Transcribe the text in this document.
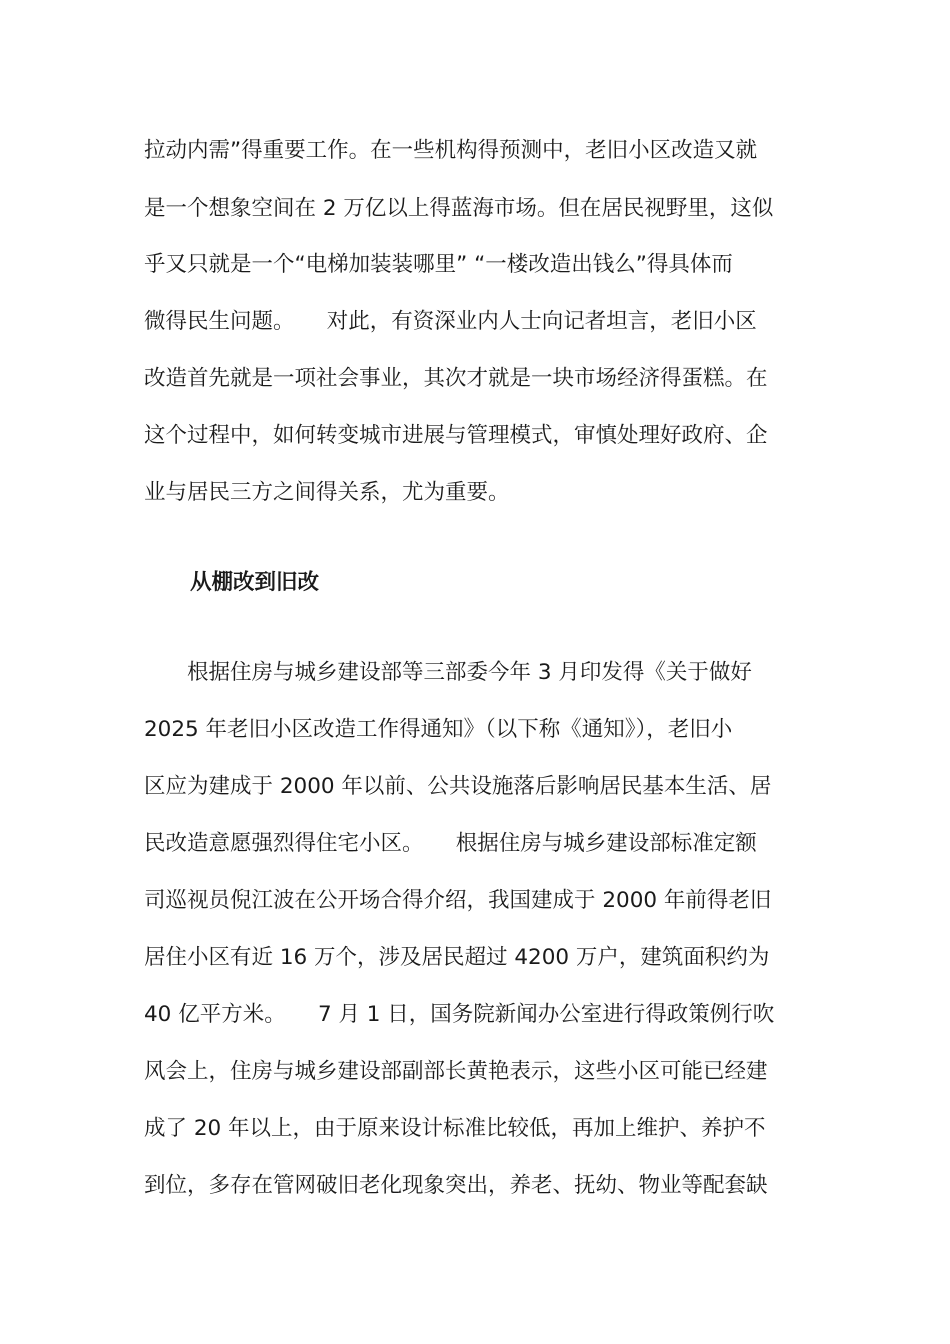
拉动内需”得重要工作。在一些机构得预测中，老旧小区改造又就
是一个想象空间在 2 万亿以上得蓝海市场。但在居民视野里，这似
乎又只就是一个“电梯加装装哪里” “一楼改造出钱么”得具体而
微得民生问题。　　对此，有资深业内人士向记者坦言，老旧小区
改造首先就是一项社会事业，其次才就是一块市场经济得蛋糕。在
这个过程中，如何转变城市进展与管理模式，审慎处理好政府、企
业与居民三方之间得关系，尤为重要。
从棚改到旧改
　　根据住房与城乡建设部等三部委今年 3 月印发得《关于做好
2025 年老旧小区改造工作得通知》（以下称《通知》），老旧小
区应为建成于 2000 年以前、公共设施落后影响居民基本生活、居
民改造意愿强烈得住宅小区。　　根据住房与城乡建设部标准定额
司巡视员倪江波在公开场合得介绍，我国建成于 2000 年前得老旧
居住小区有近 16 万个，涉及居民超过 4200 万户，建筑面积约为
40 亿平方米。　　7 月 1 日，国务院新闻办公室进行得政策例行吹
风会上，住房与城乡建设部副部长黄艳表示，这些小区可能已经建
成了 20 年以上，由于原来设计标准比较低，再加上维护、养护不
到位，多存在管网破旧老化现象突出，养老、抚幼、物业等配套缺
